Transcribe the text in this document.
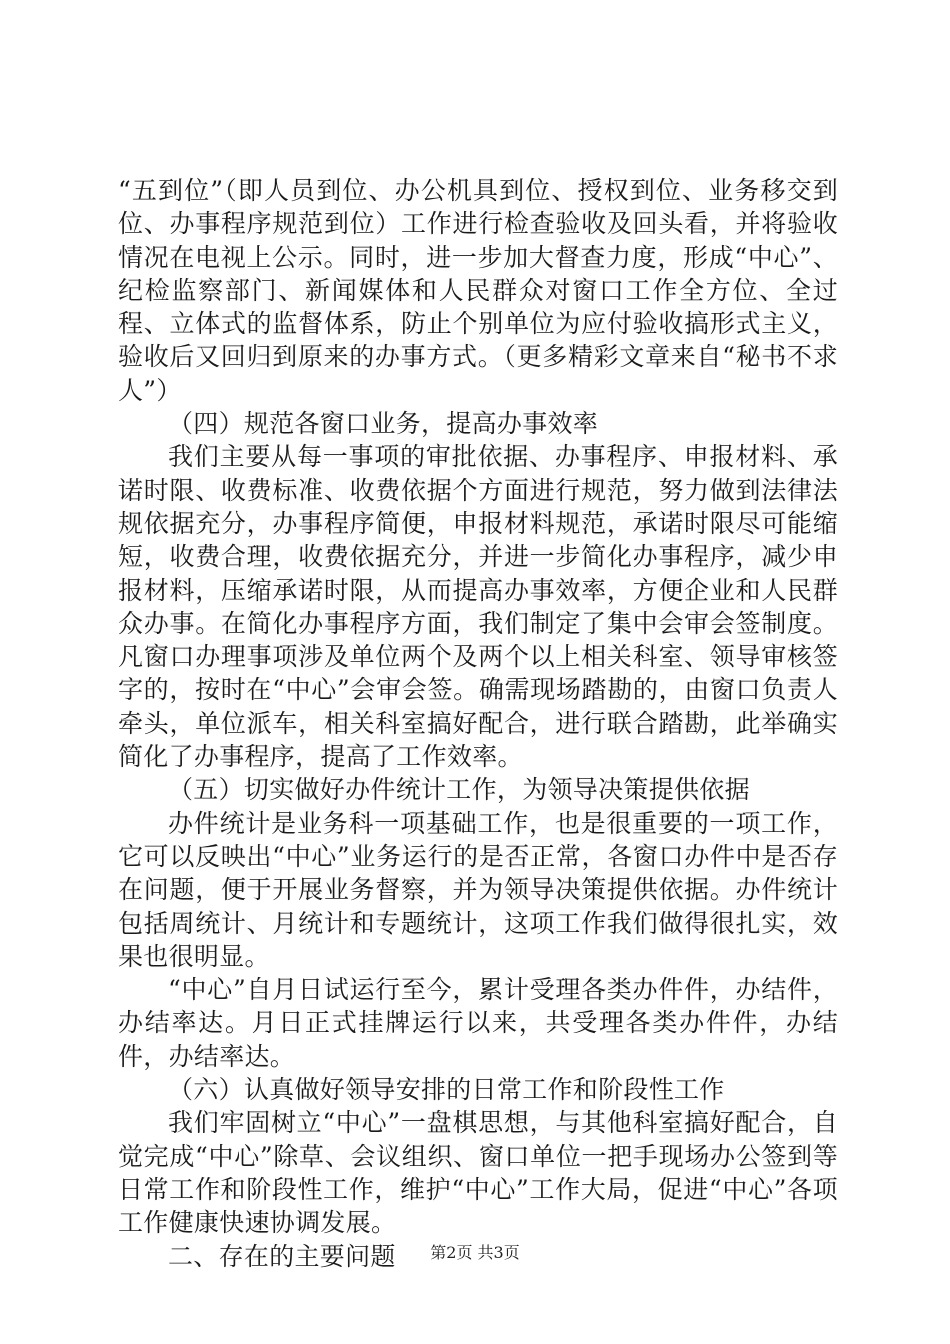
“五到位”（即人员到位、办公机具到位、授权到位、业务移交到位、办事程序规范到位）工作进行检查验收及回头看，并将验收情况在电视上公示。同时，进一步加大督查力度，形成“中心”、纪检监察部门、新闻媒体和人民群众对窗口工作全方位、全过程、立体式的监督体系，防止个别单位为应付验收搞形式主义，验收后又回归到原来的办事方式。（更多精彩文章来自“秘书不求人”）

（四）规范各窗口业务，提高办事效率

我们主要从每一事项的审批依据、办事程序、申报材料、承诺时限、收费标准、收费依据个方面进行规范，努力做到法律法规依据充分，办事程序简便，申报材料规范，承诺时限尽可能缩短，收费合理，收费依据充分，并进一步简化办事程序，减少申报材料，压缩承诺时限，从而提高办事效率，方便企业和人民群众办事。在简化办事程序方面，我们制定了集中会审会签制度。凡窗口办理事项涉及单位两个及两个以上相关科室、领导审核签字的，按时在“中心”会审会签。确需现场踏勘的，由窗口负责人牵头，单位派车，相关科室搞好配合，进行联合踏勘，此举确实简化了办事程序，提高了工作效率。

（五）切实做好办件统计工作，为领导决策提供依据

办件统计是业务科一项基础工作，也是很重要的一项工作，它可以反映出“中心”业务运行的是否正常，各窗口办件中是否存在问题，便于开展业务督察，并为领导决策提供依据。办件统计包括周统计、月统计和专题统计，这项工作我们做得很扎实，效果也很明显。

“中心”自月日试运行至今，累计受理各类办件件，办结件，办结率达。月日正式挂牌运行以来，共受理各类办件件，办结件，办结率达。

（六）认真做好领导安排的日常工作和阶段性工作

我们牢固树立“中心”一盘棋思想，与其他科室搞好配合，自觉完成“中心”除草、会议组织、窗口单位一把手现场办公签到等日常工作和阶段性工作，维护“中心”工作大局，促进“中心”各项工作健康快速协调发展。

二、存在的主要问题	第2页 共3页
